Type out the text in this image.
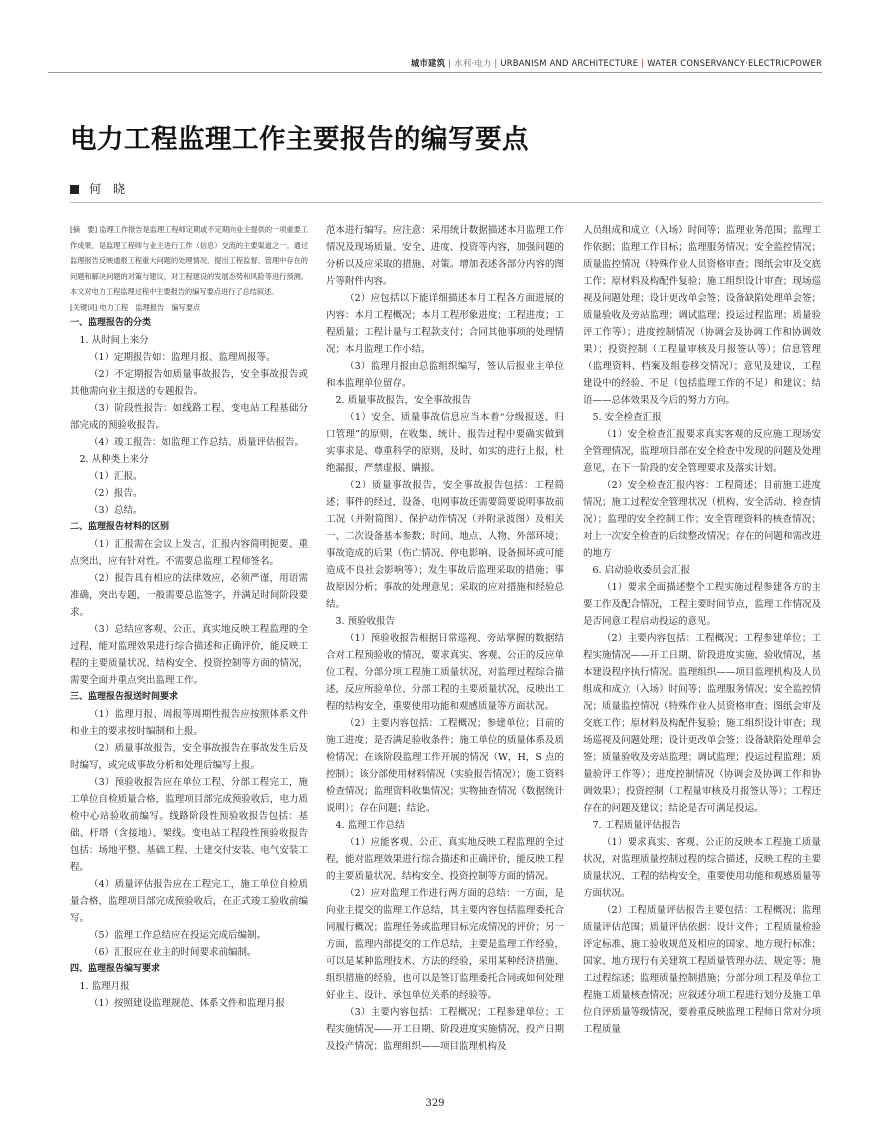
城市建筑 | 水利·电力 | URBANISM AND ARCHITECTURE | WATER CONSERVANCY·ELECTRICPOWER
电力工程监理工作主要报告的编写要点
何　晓

[摘　要] 监理工作报告是监理工程师定期或不定期向业主提供的一项重要工作成果，是监理工程师与业主进行工作（信息）交流的主要渠道之一。通过监理报告反映通报工程重大问题的处理情况，提出工程监督、管理中存在的问题和解决问题的对策与建议，对工程建设的发展态势和风险等进行预测。本文对电力工程监理过程中主要报告的编写要点进行了总结叙述。

[关键词] 电力工程　监理报告　编写要点

一、监理报告的分类

1. 从时间上来分

（1）定期报告如：监理月报、监理周报等。

（2）不定期报告如质量事故报告，安全事故报告或其他需向业主报送的专题报告。

（3）阶段性报告：如线路工程、变电站工程基础分部完成的预验收报告。

（4）竣工报告：如监理工作总结、质量评估报告。

2. 从种类上来分

（1）汇报。

（2）报告。

（3）总结。

二、监理报告材料的区别

（1）汇报需在会议上发言，汇报内容简明扼要、重点突出，应有针对性。不需要总监理工程师签名。

（2）报告具有相应的法律效应，必须严谨，用语需准确，突出专题，一般需要总监签字，并满足时间阶段要求。

（3）总结应客观、公正、真实地反映工程监理的全过程，能对监理效果进行综合描述和正确评价，能反映工程的主要质量状况、结构安全、投资控制等方面的情况，需要全面并重点突出监理工作。

三、监理报告报送时间要求

（1）监理月报、周报等周期性报告应按照体系文件和业主的要求按时编制和上报。

（2）质量事故报告，安全事故报告在事故发生后及时编写，或完成事故分析和处理后编写上报。

（3）预验收报告应在单位工程、分部工程完工，施工单位自检质量合格，监理项目部完成预验收后，电力质检中心站验收前编写。线路阶段性预验收报告包括：基础、杆塔（含接地）、架线。变电站工程段性预验收报告包括：场地平整、基础工程、土建交付安装、电气安装工程。

（4）质量评估报告应在工程完工，施工单位自检质量合格，监理项目部完成预验收后，在正式竣工验收前编写。

（5）监理工作总结应在投运完成后编制。

（6）汇报应在业主的时间要求前编制。

四、监理报告编写要求

1. 监理月报

（1）按照建设监理规范、体系文件和监理月报

范本进行编写。应注意：采用统计数据描述本月监理工作情况及现场质量、安全、进度、投资等内容，加强问题的分析以及应采取的措施、对策。增加表述各部分内容的图片等附件内容。

（2）应包括以下能详细描述本月工程各方面进展的内容：本月工程概况；本月工程形象进度；工程进度；工程质量；工程计量与工程款支付；合同其他事项的处理情况；本月监理工作小结。

（3）监理月报由总监组织编写，签认后报业主单位和本监理单位留存。

2. 质量事故报告，安全事故报告

（1）安全、质量事故信息应当本着“分级报送、归口管理”的原则，在收集、统计、报告过程中要确实做到实事求是、尊重科学的原则，及时、如实的进行上报，杜绝漏报，严禁虚报、瞒报。

（2）质量事故报告，安全事故报告包括：工程简述；事件的经过，设备、电网事故还需要简要说明事故前工况（并附简图）、保护动作情况（并附录波图）及相关一、二次设备基本参数；时间、地点、人物、外部环境；事故造成的后果（伤亡情况、停电影响、设备损坏或可能造成不良社会影响等）；发生事故后监理采取的措施；事故原因分析；事故的处理意见；采取的应对措施和经验总结。

3. 预验收报告

（1）预验收报告根据日常巡视、旁站掌握的数据结合对工程预验收的情况，要求真实、客观、公正的反应单位工程、分部分项工程施工质量状况，对监理过程综合描述，反应所验单位、分部工程的主要质量状况，反映出工程的结构安全，重要使用功能和观感质量等方面状况。

（2）主要内容包括：工程概况；参建单位；目前的施工进度；是否满足验收条件；施工单位的质量体系及质检情况；在该阶段监理工作开展的情况（W，H，S 点的控制）；该分部使用材料情况（实验报告情况）；施工资料检查情况；监理资料收集情况；实物抽查情况（数据统计说明）；存在问题；结论。

4. 监理工作总结

（1）应能客观、公正、真实地反映工程监理的全过程，能对监理效果进行综合描述和正确评价，能反映工程的主要质量状况、结构安全、投资控制等方面的情况。

（2）应对监理工作进行两方面的总结：一方面，是向业主提交的监理工作总结，其主要内容包括监理委托合同履行概况；监理任务或监理目标完成情况的评价；另一方面，监理内部提交的工作总结，主要是监理工作经验，可以是某种监理技术、方法的经验，采用某种经济措施、组织措施的经验，也可以是签订监理委托合同或如何处理好业主、设计、承包单位关系的经验等。

（3）主要内容包括：工程概况；工程参建单位；工程实施情况——开工日期、阶段进度实施情况，投产日期及投产情况；监理组织——项目监理机构及

人员组成和成立（入场）时间等；监理业务范围；监理工作依据；监理工作目标；监理服务情况；安全监控情况；质量监控情况（特殊作业人员资格审查；图纸会审及交底工作；原材料及构配件复验；施工组织设计审查；现场巡视及问题处理；设计更改单会签；设备缺陷处理单会签；质量验收及旁站监理；调试监理；投运过程监理；质量验评工作等）；进度控制情况（协调会及协调工作和协调效果）；投资控制（工程量审核及月报签认等）；信息管理（监理资料、档案及组卷移交情况）；意见及建议，工程建设中的经验、不足（包括监理工作的不足）和建议；结语——总体效果及今后的努力方向。

5. 安全检查汇报

（1）安全检查汇报要求真实客观的反应施工现场安全管理情况，监理项目部在安全检查中发现的问题及处理意见，在下一阶段的安全管理要求及落实计划。

（2）安全检查汇报内容：工程简述；目前施工进度情况；施工过程安全管理状况（机构、安全活动、检查情况）；监理的安全控制工作；安全管理资料的核查情况；对上一次安全检查的后续整改情况；存在的问题和需改进的地方

6. 启动验收委员会汇报

（1）要求全面描述整个工程实施过程参建各方的主要工作及配合情况，工程主要时间节点，监理工作情况及是否同意工程启动投运的意见。

（2）主要内容包括：工程概况；工程参建单位；工程实施情况——开工日期、阶段进度实施、验收情况，基本建设程序执行情况。监理组织——项目监理机构及人员组成和成立（入场）时间等；监理服务情况；安全监控情况；质量监控情况（特殊作业人员资格审查；图纸会审及交底工作；原材料及构配件复验；施工组织设计审查；现场巡视及问题处理；设计更改单会签；设备缺陷处理单会签；质量验收及旁站监理；调试监理；投运过程监理；质量验评工作等）；进度控制情况（协调会及协调工作和协调效果）；投资控制（工程量审核及月报签认等）；工程还存在的问题及建议；结论是否可满足投运。

7. 工程质量评估报告

（1）要求真实、客观、公正的反映本工程施工质量状况，对监理质量控制过程的综合描述，反映工程的主要质量状况、工程的结构安全，重要使用功能和观感质量等方面状况。

（2）工程质量评估报告主要包括：工程概况；监理质量评估范围；质量评估依据：设计文件；工程质量检验评定标准、施工验收规范及相应的国家、地方现行标准；国家、地方现行有关建筑工程质量管理办法、规定等；施工过程综述；监理质量控制措施；分部分项工程及单位工程施工质量核查情况；应叙述分项工程进行划分及施工单位自评质量等级情况，要着重反映监理工程师日常对分项工程质量

329
